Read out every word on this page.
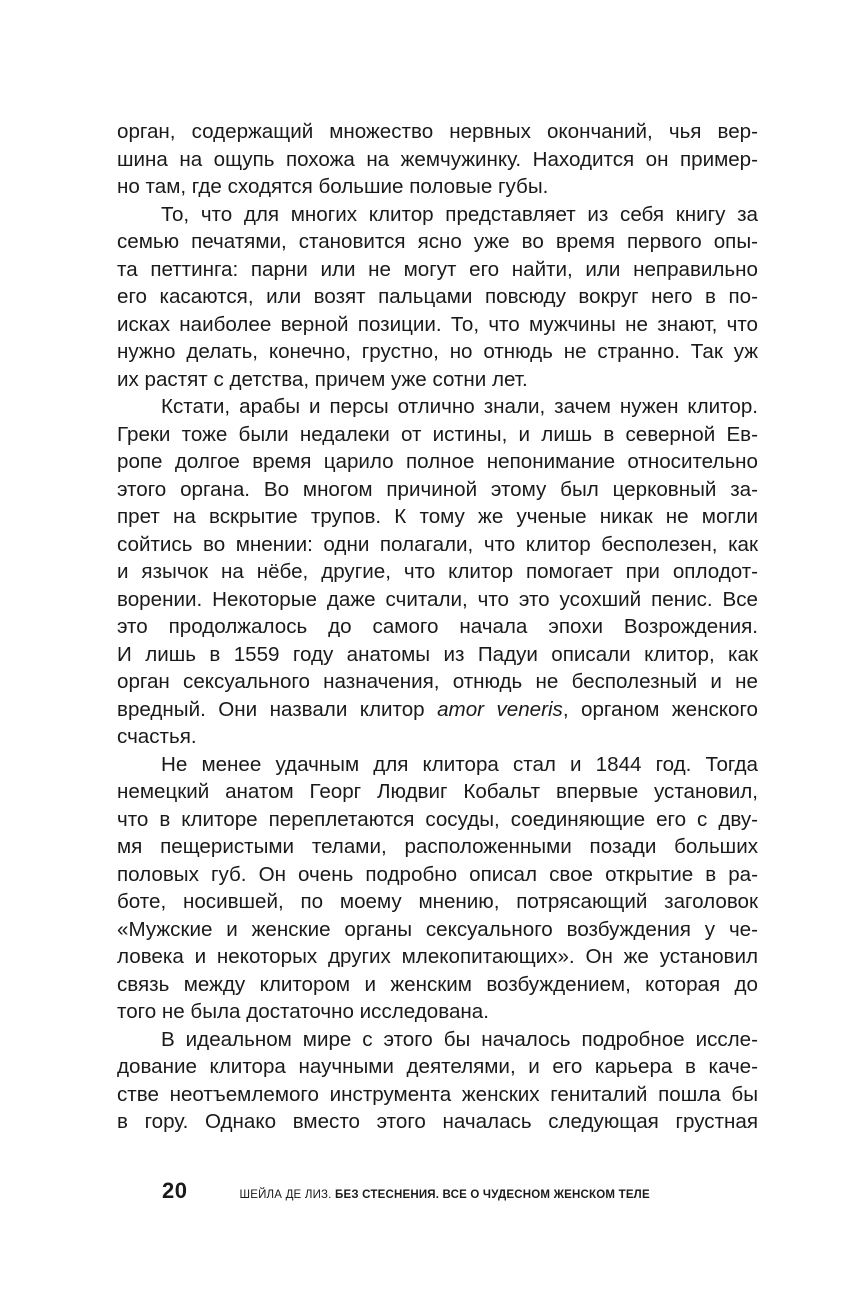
орган, содержащий множество нервных окончаний, чья вер-
шина на ощупь похожа на жемчужинку. Находится он пример-
но там, где сходятся большие половые губы.
То, что для многих клитор представляет из себя книгу за
семью печатями, становится ясно уже во время первого опы-
та петтинга: парни или не могут его найти, или неправильно
его касаются, или возят пальцами повсюду вокруг него в по-
исках наиболее верной позиции. То, что мужчины не знают, что
нужно делать, конечно, грустно, но отнюдь не странно. Так уж
их растят с детства, причем уже сотни лет.
Кстати, арабы и персы отлично знали, зачем нужен клитор.
Греки тоже были недалеки от истины, и лишь в северной Ев-
ропе долгое время царило полное непонимание относительно
этого органа. Во многом причиной этому был церковный за-
прет на вскрытие трупов. К тому же ученые никак не могли
сойтись во мнении: одни полагали, что клитор бесполезен, как
и язычок на нёбе, другие, что клитор помогает при оплодот-
ворении. Некоторые даже считали, что это усохший пенис. Все
это продолжалось до самого начала эпохи Возрождения.
И лишь в 1559 году анатомы из Падуи описали клитор, как
орган сексуального назначения, отнюдь не бесполезный и не
вредный. Они назвали клитор amor veneris, органом женского
счастья.
Не менее удачным для клитора стал и 1844 год. Тогда
немецкий анатом Георг Людвиг Кобальт впервые установил,
что в клиторе переплетаются сосуды, соединяющие его с дву-
мя пещеристыми телами, расположенными позади больших
половых губ. Он очень подробно описал свое открытие в ра-
боте, носившей, по моему мнению, потрясающий заголовок
«Мужские и женские органы сексуального возбуждения у че-
ловека и некоторых других млекопитающих». Он же установил
связь между клитором и женским возбуждением, которая до
того не была достаточно исследована.
В идеальном мире с этого бы началось подробное иссле-
дование клитора научными деятелями, и его карьера в каче-
стве неотъемлемого инструмента женских гениталий пошла бы
в гору. Однако вместо этого началась следующая грустная
20	ШЕЙЛА ДЕ ЛИЗ. БЕЗ СТЕСНЕНИЯ. ВСЕ О ЧУДЕСНОМ ЖЕНСКОМ ТЕЛЕ
